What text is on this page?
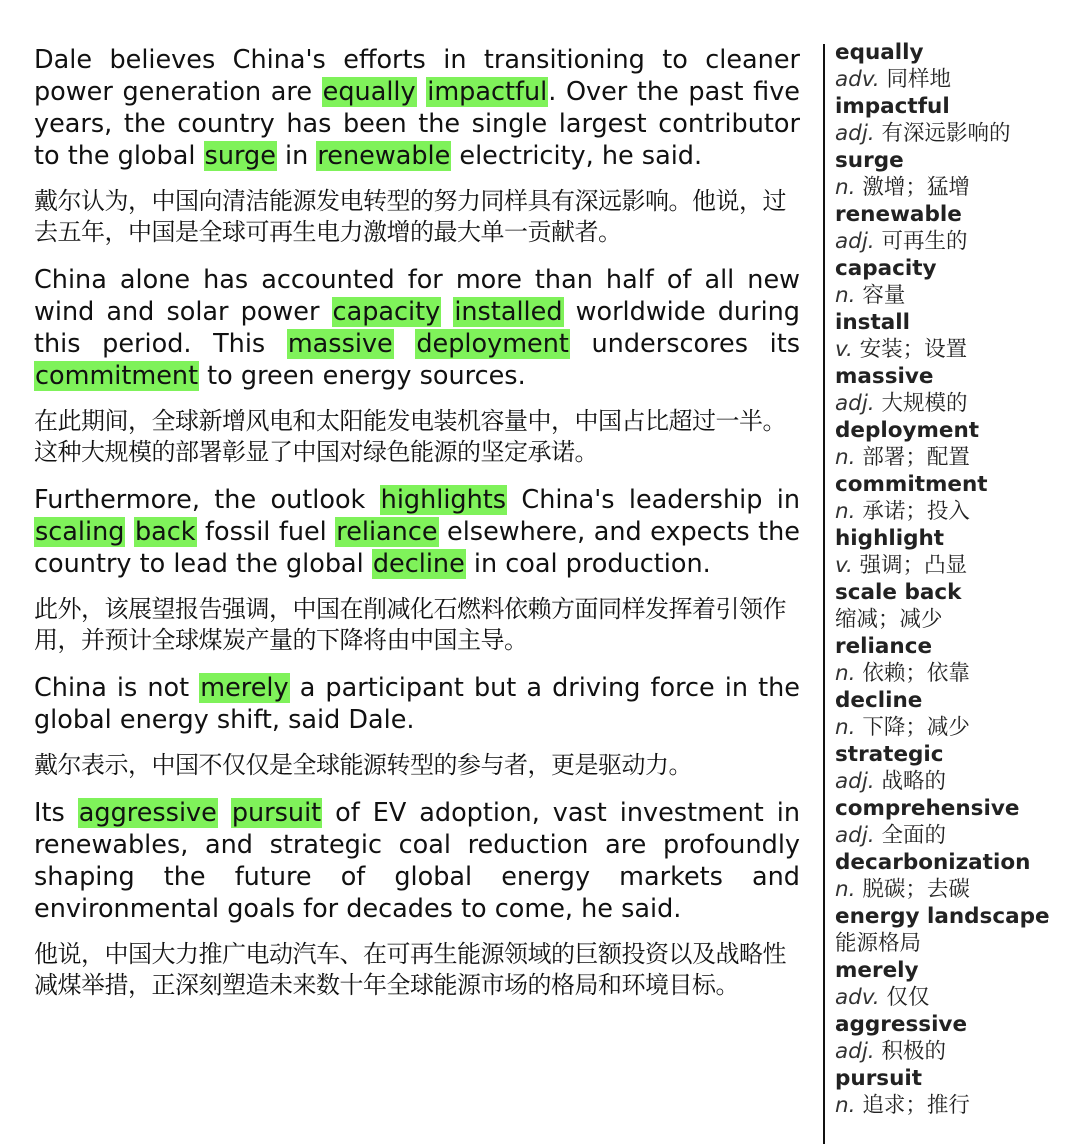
Dale believes China's efforts in transitioning to cleaner power generation are equally impactful. Over the past five years, the country has been the single largest contributor to the global surge in renewable electricity, he said.

戴尔认为，中国向清洁能源发电转型的努力同样具有深远影响。他说，过去五年，中国是全球可再生电力激增的最大单一贡献者。

China alone has accounted for more than half of all new wind and solar power capacity installed worldwide during this period. This massive deployment underscores its commitment to green energy sources.

在此期间，全球新增风电和太阳能发电装机容量中，中国占比超过一半。这种大规模的部署彰显了中国对绿色能源的坚定承诺。

Furthermore, the outlook highlights China's leadership in scaling back fossil fuel reliance elsewhere, and expects the country to lead the global decline in coal production.

此外，该展望报告强调，中国在削减化石燃料依赖方面同样发挥着引领作用，并预计全球煤炭产量的下降将由中国主导。

China is not merely a participant but a driving force in the global energy shift, said Dale.

戴尔表示，中国不仅仅是全球能源转型的参与者，更是驱动力。

Its aggressive pursuit of EV adoption, vast investment in renewables, and strategic coal reduction are profoundly shaping the future of global energy markets and environmental goals for decades to come, he said.

他说，中国大力推广电动汽车、在可再生能源领域的巨额投资以及战略性减煤举措，正深刻塑造未来数十年全球能源市场的格局和环境目标。

equally
adv. 同样地
impactful
adj. 有深远影响的
surge
n. 激增；猛增
renewable
adj. 可再生的
capacity
n. 容量
install
v. 安装；设置
massive
adj. 大规模的
deployment
n. 部署；配置
commitment
n. 承诺；投入
highlight
v. 强调；凸显
scale back
缩减；减少
reliance
n. 依赖；依靠
decline
n. 下降；减少
strategic
adj. 战略的
comprehensive
adj. 全面的
decarbonization
n. 脱碳；去碳
energy landscape
能源格局
merely
adv. 仅仅
aggressive
adj. 积极的
pursuit
n. 追求；推行
